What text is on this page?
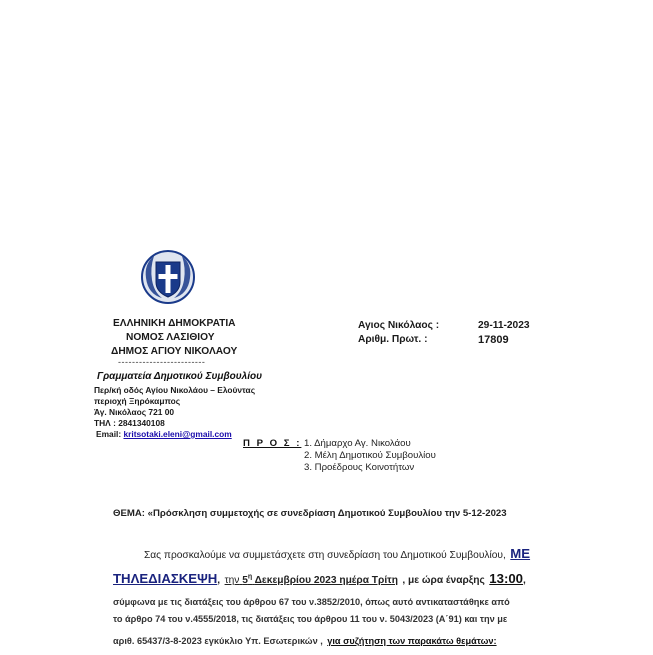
ΕΛΛΗΝΙΚΗ ΔΗΜΟΚΡΑΤΙΑ
ΝΟΜΟΣ ΛΑΣΙΘΙΟΥ
ΔΗΜΟΣ ΑΓΙΟΥ ΝΙΚΟΛΑΟΥ
-------------------------
Γραμματεία Δημοτικού Συμβουλίου
Περ/κή οδός Αγίου Νικολάου – Ελούντας
περιοχή Ξηρόκαμπος
Άγ. Νικόλαος 721 00
ΤΗΛ : 2841340108
Email: kritsotaki.eleni@gmail.com
Αγιος Νικόλαος :	29-11-2023
Αριθμ. Πρωτ. :	17809
Π Ρ Ο Σ : 1. Δήμαρχο Αγ. Νικολάου
2. Μέλη Δημοτικού Συμβουλίου
3. Προέδρους Κοινοτήτων
ΘΕΜΑ: «Πρόσκληση συμμετοχής σε συνεδρίαση Δημοτικού Συμβουλίου την 5-12-2023
Σας προσκαλούμε να συμμετάσχετε στη συνεδρίαση του Δημοτικού Συμβουλίου, ΜΕ
ΤΗΛΕΔΙΑΣΚΕΨΗ, την $5^\eta$ Δεκεμβρίου 2023 ημέρα Τρίτη , με ώρα έναρξης 13:00,
σύμφωνα με τις διατάξεις του άρθρου 67 του ν.3852/2010, όπως αυτό αντικαταστάθηκε από
το άρθρο 74 του ν.4555/2018, τις διατάξεις του άρθρου 11 του ν. 5043/2023 (Α΄91) και την με
αριθ. 65437/3-8-2023 εγκύκλιο Υπ. Εσωτερικών , για συζήτηση των παρακάτω θεμάτων:
